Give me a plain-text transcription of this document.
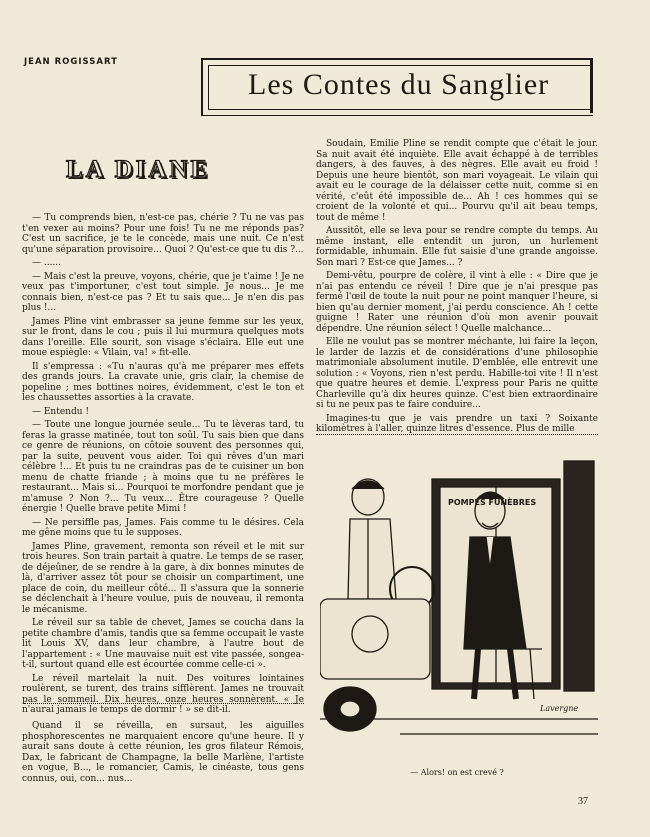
JEAN ROGISSART
Les Contes du Sanglier
LA DIANE

— Tu comprends bien, n'est-ce pas, chérie ? Tu ne vas pas t'en vexer au moins? Pour une fois! Tu ne me réponds pas? C'est un sacrifice, je te le concède, mais une nuit. Ce n'est qu'une séparation provisoire... Quoi ? Qu'est-ce que tu dis ?...

— ......

— Mais c'est la preuve, voyons, chérie, que je t'aime ! Je ne veux pas t'importuner, c'est tout simple. Je nous... Je me connais bien, n'est-ce pas ? Et tu sais que... Je n'en dis pas plus !...

James Pline vint embrasser sa jeune femme sur les yeux, sur le front, dans le cou ; puis il lui murmura quelques mots dans l'oreille. Elle sourit, son visage s'éclaira. Elle eut une moue espiègle: « Vilain, va! » fit-elle.

Il s'empressa : «Tu n'auras qu'à me préparer mes effets des grands jours. La cravate unie, gris clair, la chemise de popeline ; mes bottines noires, évidemment, c'est le ton et les chaussettes assorties à la cravate.

— Entendu !

— Toute une longue journée seule... Tu te lèveras tard, tu feras la grasse matinée, tout ton soûl. Tu sais bien que dans ce genre de réunions, on côtoie souvent des personnes qui, par la suite, peuvent vous aider. Toi qui rêves d'un mari célèbre !... Et puis tu ne craindras pas de te cuisiner un bon menu de chatte friande ; à moins que tu ne préfères le restaurant... Mais si... Pourquoi te morfondre pendant que je m'amuse ? Non ?... Tu veux... Être courageuse ? Quelle énergie ! Quelle brave petite Mimi !

— Ne persiffle pas, James. Fais comme tu le désires. Cela me gêne moins que tu le supposes.

James Pline, gravement, remonta son réveil et le mit sur trois heures. Son train partait à quatre. Le temps de se raser, de déjeûner, de se rendre à la gare, à dix bonnes minutes de là, d'arriver assez tôt pour se choisir un compartiment, une place de coin, du meilleur côté... Il s'assura que la sonnerie se déclenchait à l'heure voulue, puis de nouveau, il remonta le mécanisme.

Le réveil sur sa table de chevet, James se coucha dans la petite chambre d'amis, tandis que sa femme occupait le vaste lit Louis XV, dans leur chambre, à l'autre bout de l'appartement : « Une mauvaise nuit est vite passée, songea-t-il, surtout quand elle est écourtée comme celle-ci ».

Le réveil martelait la nuit. Des voitures lointaines roulèrent, se turent, des trains sifflèrent. James ne trouvait pas le sommeil. Dix heures, onze heures sonnèrent. « Je n'aurai jamais le temps de dormir ! » se dit-il.

Quand il se réveilla, en sursaut, les aiguilles phosphorescentes ne marquaient encore qu'une heure. Il y aurait sans doute à cette réunion, les gros filateur Rémois, Dax, le fabricant de Champagne, la belle Marlène, l'artiste en vogue, B..., le romancier, Camis, le cinéaste, tous gens connus, oui, con... nus...

Soudain, Emilie Pline se rendit compte que c'était le jour. Sa nuit avait été inquiète. Elle avait échappé à de terribles dangers, à des fauves, à des nègres. Elle avait eu froid ! Depuis une heure bientôt, son mari voyageait. Le vilain qui avait eu le courage de la délaisser cette nuit, comme si en vérité, c'eût été impossible de... Ah ! ces hommes qui se croient de la volonté et qui... Pourvu qu'il ait beau temps, tout de même !

Aussitôt, elle se leva pour se rendre compte du temps. Au même instant, elle entendit un juron, un hurlement formidable, inhumain. Elle fut saisie d'une grande angoisse. Son mari ? Est-ce que James... ?

Demi-vêtu, pourpre de colère, il vint à elle : « Dire que je n'ai pas entendu ce réveil ! Dire que je n'ai presque pas fermé l'œil de toute la nuit pour ne point manquer l'heure, si bien qu'au dernier moment, j'ai perdu conscience. Ah ! cette guigne ! Rater une réunion d'où mon avenir pouvait dépendre. Une réunion sélect ! Quelle malchance...

Elle ne voulut pas se montrer méchante, lui faire la leçon, le larder de lazzis et de considérations d'une philosophie matrimoniale absolument inutile. D'emblée, elle entrevit une solution : « Voyons, rien n'est perdu. Habille-toi vite ! Il n'est que quatre heures et demie. L'express pour Paris ne quitte Charleville qu'à dix heures quinze. C'est bien extraordinaire si tu ne peux pas te faire conduire...

Imagines-tu que je vais prendre un taxi ? Soixante kilomètres à l'aller, quinze litres d'essence. Plus de mille

POMPES FUNÈBRES
Lavergne
— Alors! on est crevé ?
37
